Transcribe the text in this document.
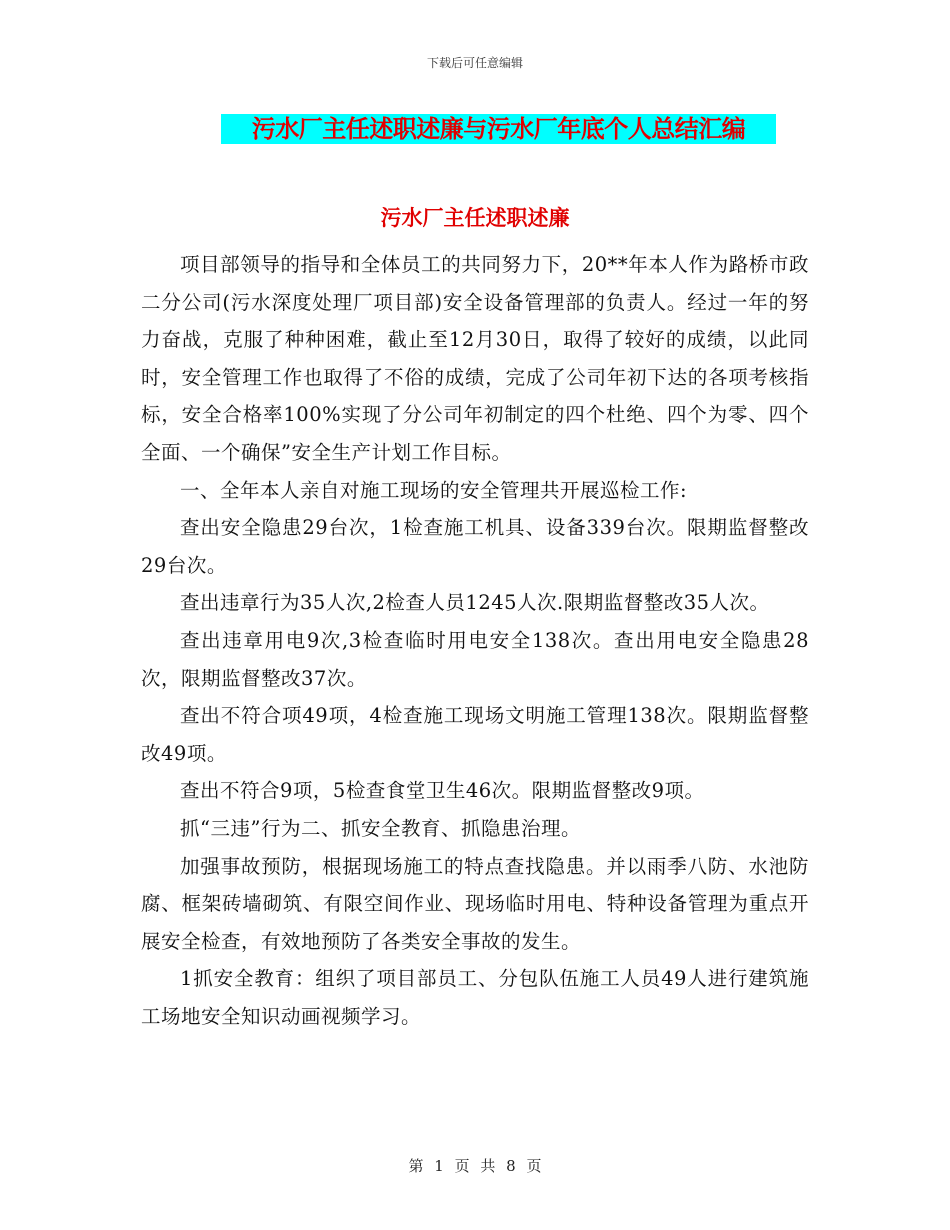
下载后可任意编辑
污水厂主任述职述廉与污水厂年底个人总结汇编
污水厂主任述职述廉

项目部领导的指导和全体员工的共同努力下，20**年本人作为路桥市政二分公司(污水深度处理厂项目部)安全设备管理部的负责人。经过一年的努力奋战，克服了种种困难，截止至12月30日，取得了较好的成绩，以此同时，安全管理工作也取得了不俗的成绩，完成了公司年初下达的各项考核指标，安全合格率100%实现了分公司年初制定的四个杜绝、四个为零、四个全面、一个确保”安全生产计划工作目标。

一、全年本人亲自对施工现场的安全管理共开展巡检工作:

查出安全隐患29台次，1检查施工机具、设备339台次。限期监督整改29台次。

查出违章行为35人次,2检查人员1245人次.限期监督整改35人次。

查出违章用电9次,3检查临时用电安全138次。查出用电安全隐患28次，限期监督整改37次。

查出不符合项49项，4检查施工现场文明施工管理138次。限期监督整改49项。

查出不符合9项，5检查食堂卫生46次。限期监督整改9项。

抓“三违”行为二、抓安全教育、抓隐患治理。

加强事故预防，根据现场施工的特点查找隐患。并以雨季八防、水池防腐、框架砖墙砌筑、有限空间作业、现场临时用电、特种设备管理为重点开展安全检查，有效地预防了各类安全事故的发生。

1抓安全教育：组织了项目部员工、分包队伍施工人员49人进行建筑施工场地安全知识动画视频学习。

第 1 页 共 8 页
